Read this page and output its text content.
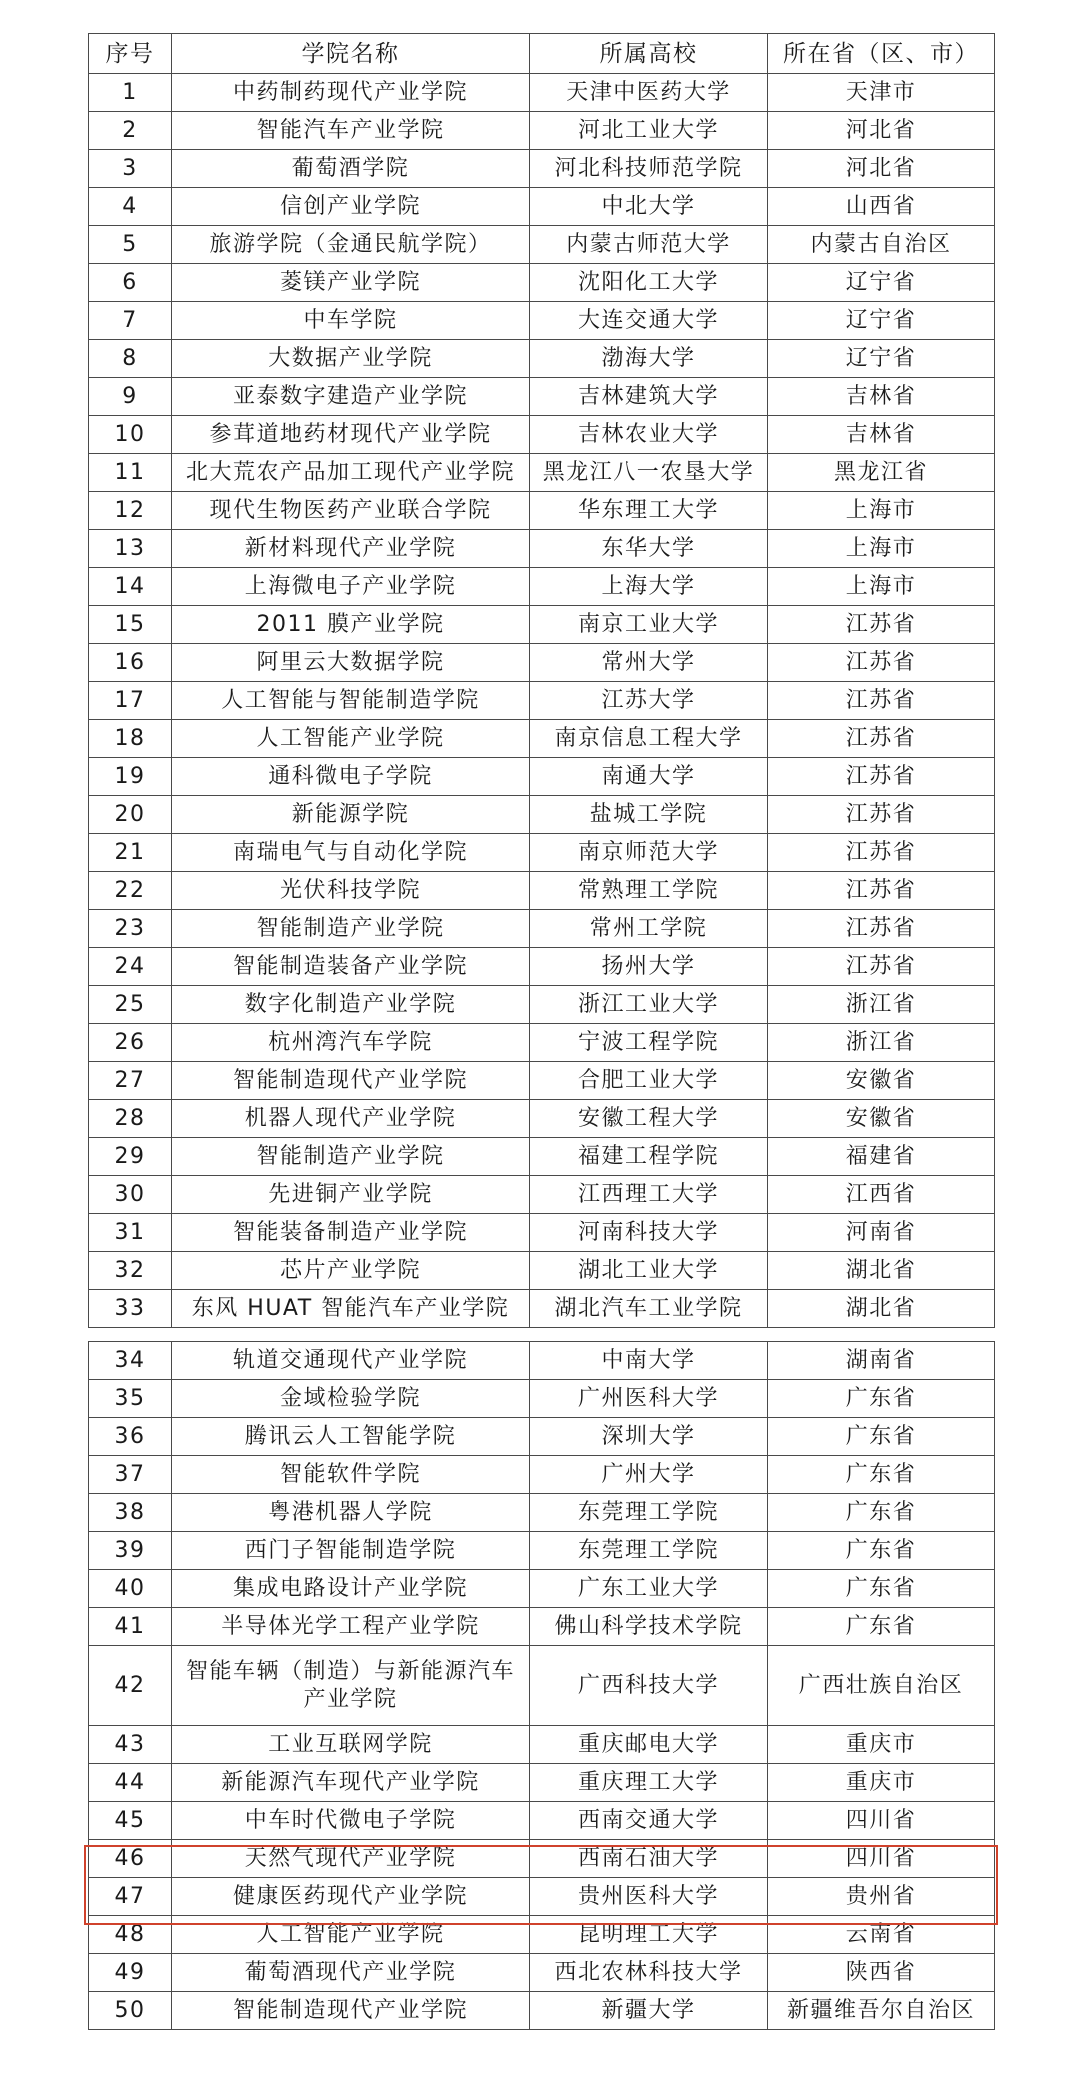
序号	学院名称	所属高校	所在省（区、市）
1	中药制药现代产业学院	天津中医药大学	天津市
2	智能汽车产业学院	河北工业大学	河北省
3	葡萄酒学院	河北科技师范学院	河北省
4	信创产业学院	中北大学	山西省
5	旅游学院（金通民航学院）	内蒙古师范大学	内蒙古自治区
6	菱镁产业学院	沈阳化工大学	辽宁省
7	中车学院	大连交通大学	辽宁省
8	大数据产业学院	渤海大学	辽宁省
9	亚泰数字建造产业学院	吉林建筑大学	吉林省
10	参茸道地药材现代产业学院	吉林农业大学	吉林省
11	北大荒农产品加工现代产业学院	黑龙江八一农垦大学	黑龙江省
12	现代生物医药产业联合学院	华东理工大学	上海市
13	新材料现代产业学院	东华大学	上海市
14	上海微电子产业学院	上海大学	上海市
15	2011 膜产业学院	南京工业大学	江苏省
16	阿里云大数据学院	常州大学	江苏省
17	人工智能与智能制造学院	江苏大学	江苏省
18	人工智能产业学院	南京信息工程大学	江苏省
19	通科微电子学院	南通大学	江苏省
20	新能源学院	盐城工学院	江苏省
21	南瑞电气与自动化学院	南京师范大学	江苏省
22	光伏科技学院	常熟理工学院	江苏省
23	智能制造产业学院	常州工学院	江苏省
24	智能制造装备产业学院	扬州大学	江苏省
25	数字化制造产业学院	浙江工业大学	浙江省
26	杭州湾汽车学院	宁波工程学院	浙江省
27	智能制造现代产业学院	合肥工业大学	安徽省
28	机器人现代产业学院	安徽工程大学	安徽省
29	智能制造产业学院	福建工程学院	福建省
30	先进铜产业学院	江西理工大学	江西省
31	智能装备制造产业学院	河南科技大学	河南省
32	芯片产业学院	湖北工业大学	湖北省
33	东风 HUAT 智能汽车产业学院	湖北汽车工业学院	湖北省

34	轨道交通现代产业学院	中南大学	湖南省
35	金域检验学院	广州医科大学	广东省
36	腾讯云人工智能学院	深圳大学	广东省
37	智能软件学院	广州大学	广东省
38	粤港机器人学院	东莞理工学院	广东省
39	西门子智能制造学院	东莞理工学院	广东省
40	集成电路设计产业学院	广东工业大学	广东省
41	半导体光学工程产业学院	佛山科学技术学院	广东省
42	智能车辆（制造）与新能源汽车产业学院	广西科技大学	广西壮族自治区
43	工业互联网学院	重庆邮电大学	重庆市
44	新能源汽车现代产业学院	重庆理工大学	重庆市
45	中车时代微电子学院	西南交通大学	四川省
46	天然气现代产业学院	西南石油大学	四川省
47	健康医药现代产业学院	贵州医科大学	贵州省
48	人工智能产业学院	昆明理工大学	云南省
49	葡萄酒现代产业学院	西北农林科技大学	陕西省
50	智能制造现代产业学院	新疆大学	新疆维吾尔自治区
